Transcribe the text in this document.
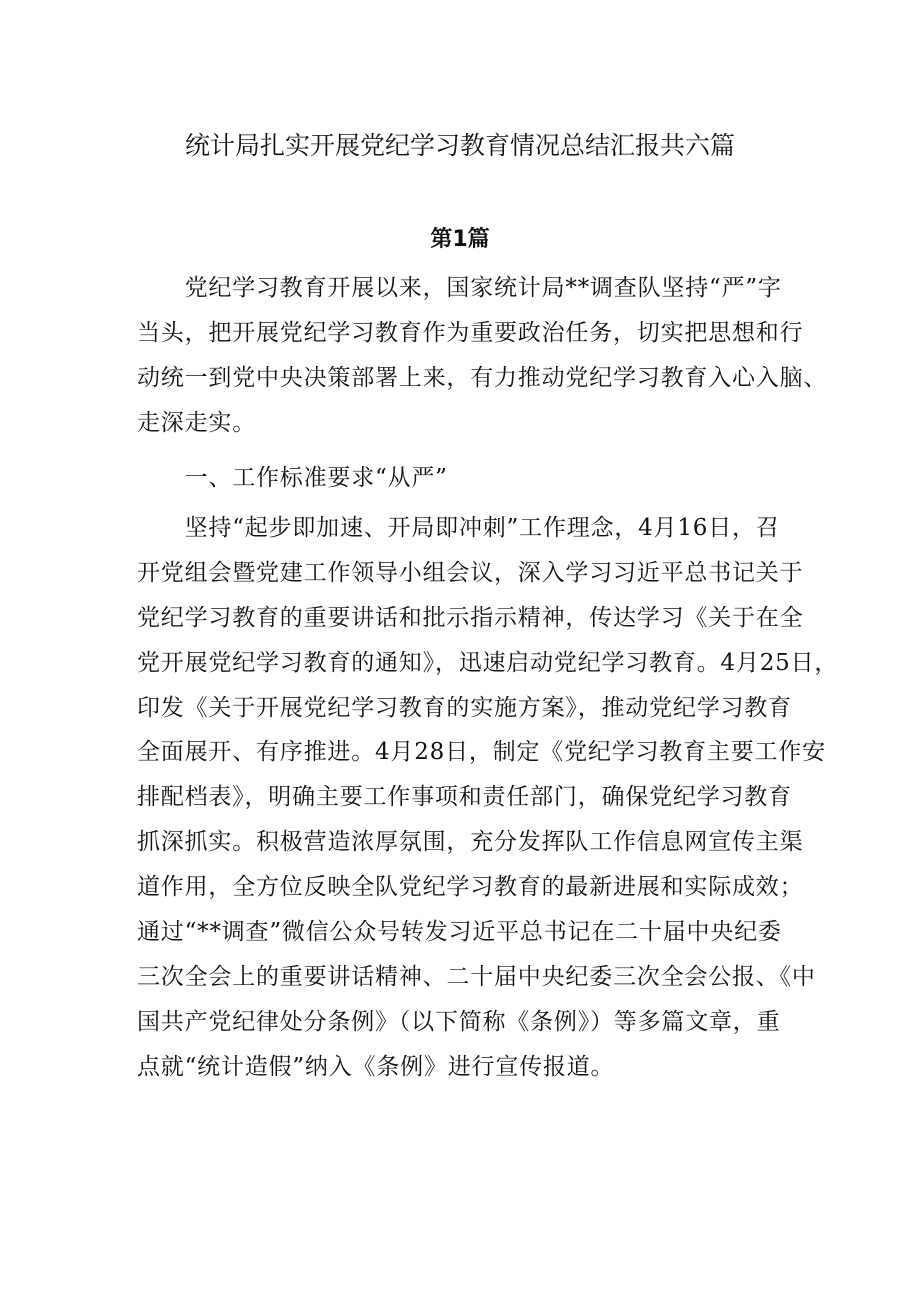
统计局扎实开展党纪学习教育情况总结汇报共六篇
第1篇
　　党纪学习教育开展以来，国家统计局**调查队坚持“严”字
当头，把开展党纪学习教育作为重要政治任务，切实把思想和行
动统一到党中央决策部署上来，有力推动党纪学习教育入心入脑、
走深走实。
　　一、工作标准要求“从严”
　　坚持“起步即加速、开局即冲刺”工作理念，4月16日，召
开党组会暨党建工作领导小组会议，深入学习习近平总书记关于
党纪学习教育的重要讲话和批示指示精神，传达学习《关于在全
党开展党纪学习教育的通知》，迅速启动党纪学习教育。4月25日，
印发《关于开展党纪学习教育的实施方案》，推动党纪学习教育
全面展开、有序推进。4月28日，制定《党纪学习教育主要工作安
排配档表》，明确主要工作事项和责任部门，确保党纪学习教育
抓深抓实。积极营造浓厚氛围，充分发挥队工作信息网宣传主渠
道作用，全方位反映全队党纪学习教育的最新进展和实际成效；
通过“**调查”微信公众号转发习近平总书记在二十届中央纪委
三次全会上的重要讲话精神、二十届中央纪委三次全会公报、《中
国共产党纪律处分条例》（以下简称《条例》）等多篇文章，重
点就“统计造假”纳入《条例》进行宣传报道。
